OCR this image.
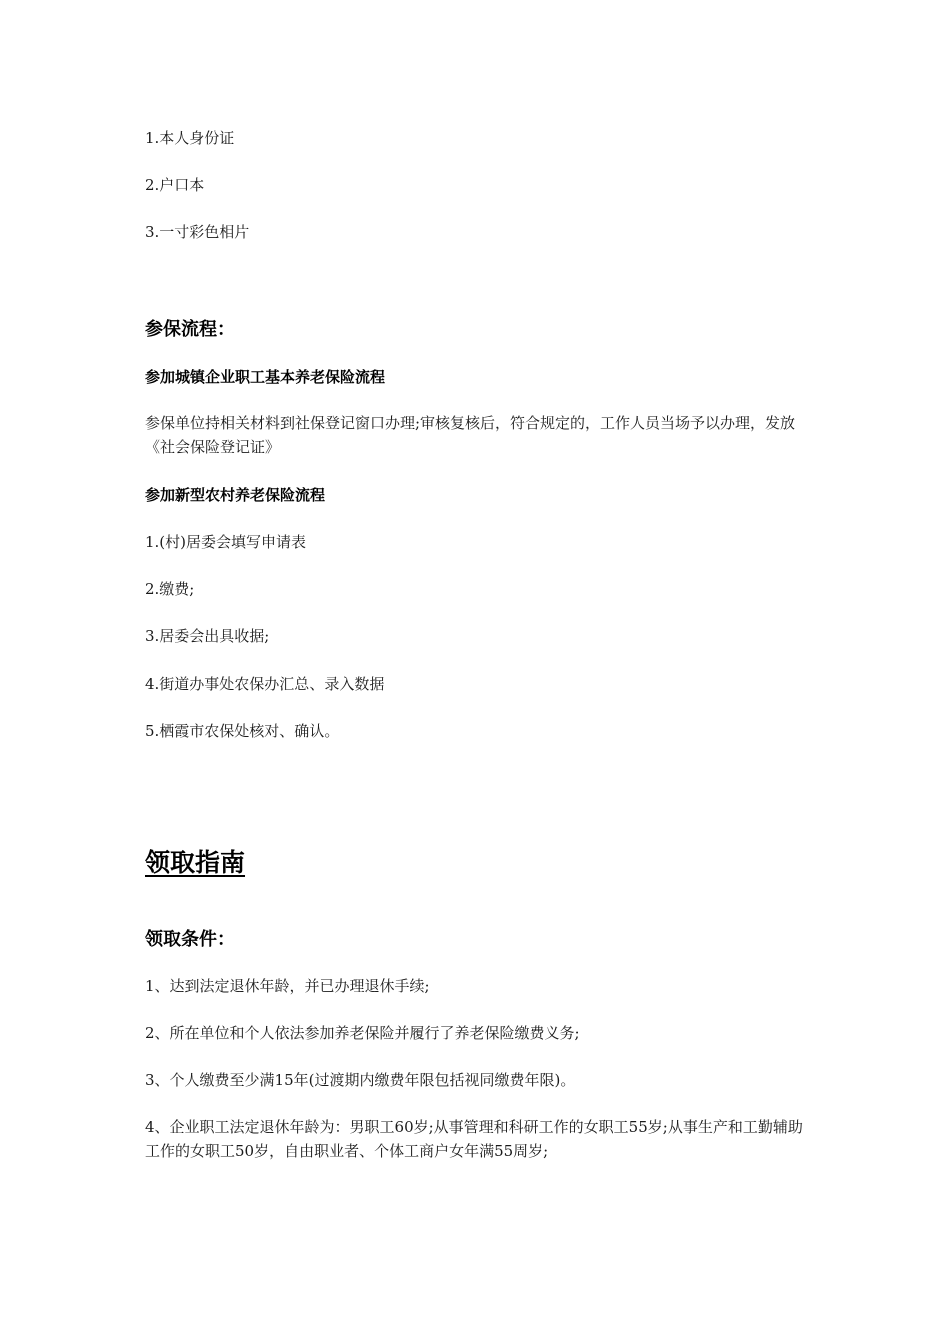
1.本人身份证
2.户口本
3.一寸彩色相片
参保流程：
参加城镇企业职工基本养老保险流程
参保单位持相关材料到社保登记窗口办理;审核复核后，符合规定的，工作人员当场予以办理，发放《社会保险登记证》
参加新型农村养老保险流程
1.(村)居委会填写申请表
2.缴费;
3.居委会出具收据;
4.街道办事处农保办汇总、录入数据
5.栖霞市农保处核对、确认。
领取指南
领取条件：
1、达到法定退休年龄，并已办理退休手续;
2、所在单位和个人依法参加养老保险并履行了养老保险缴费义务;
3、个人缴费至少满15年(过渡期内缴费年限包括视同缴费年限)。
4、企业职工法定退休年龄为：男职工60岁;从事管理和科研工作的女职工55岁;从事生产和工勤辅助工作的女职工50岁，自由职业者、个体工商户女年满55周岁;
